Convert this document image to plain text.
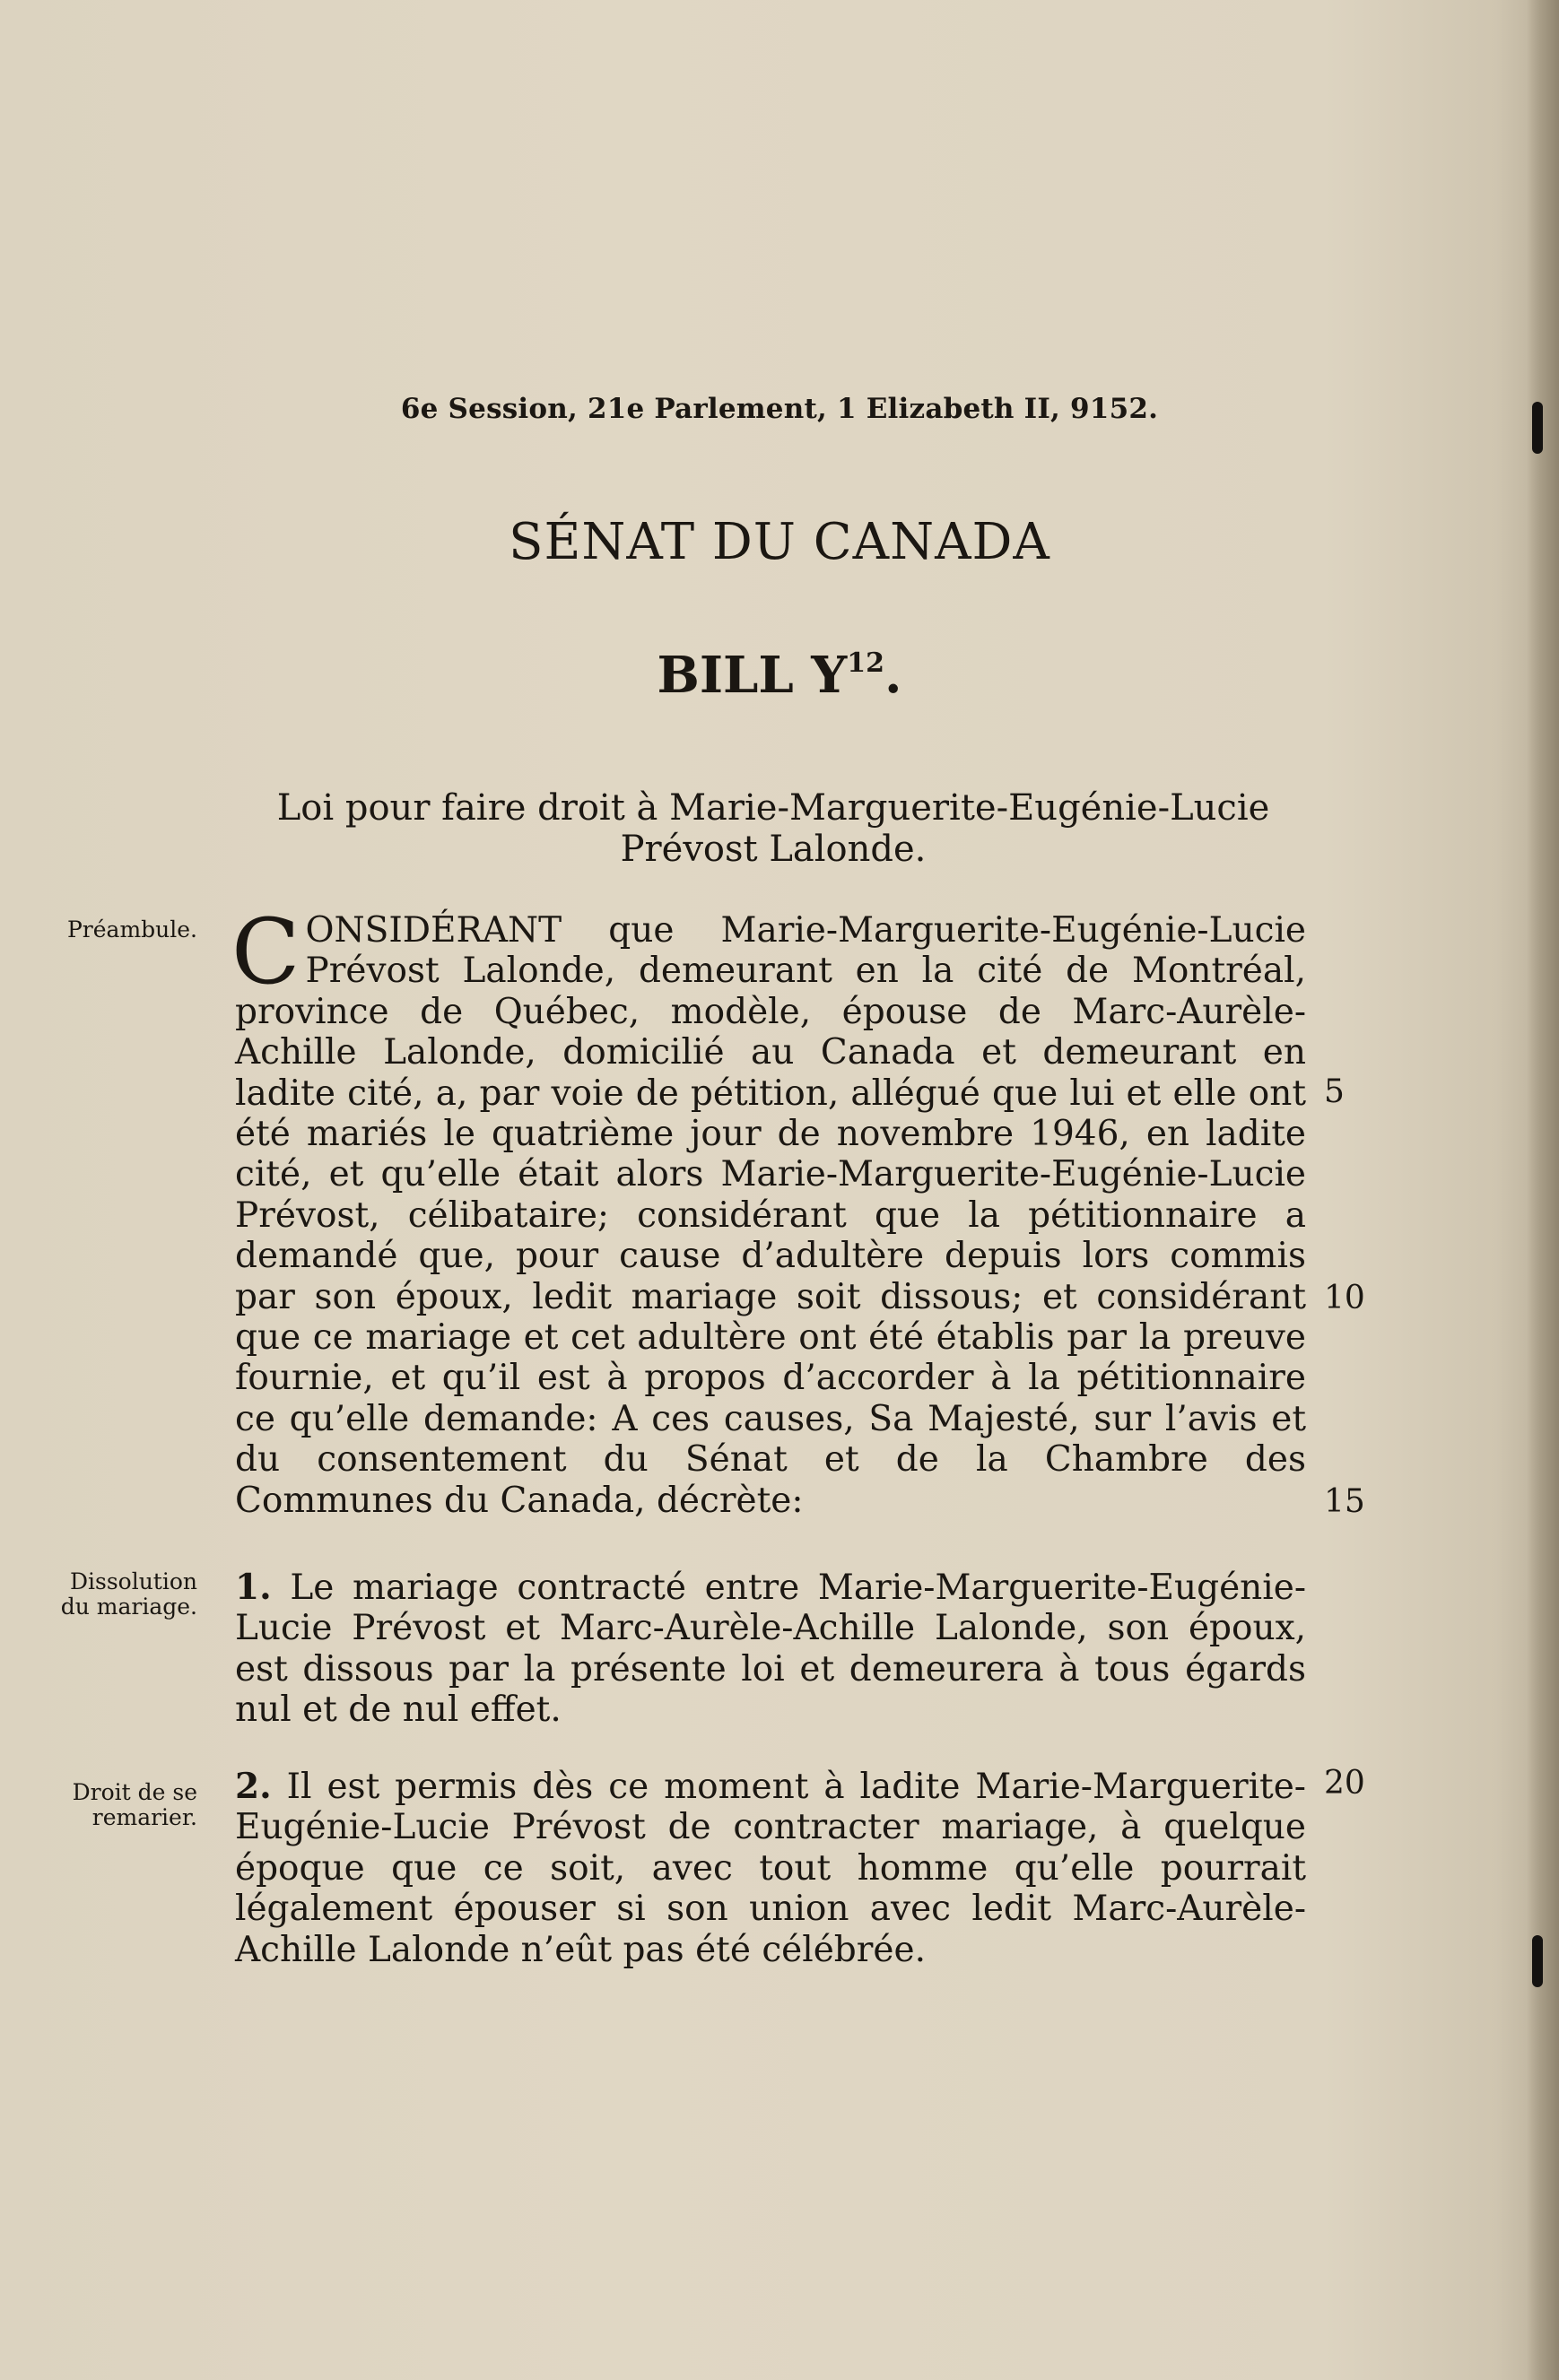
6e Session, 21e Parlement, 1 Elizabeth II, 9152.
SÉNAT DU CANADA
BILL $Y^{12}$.
Loi pour faire droit à Marie-Marguerite-Eugénie-Lucie Prévost Lalonde.
Préambule.
Dissolution du mariage.
Droit de se remarier.
CONSIDÉRANT que Marie-Marguerite-Eugénie-Lucie Prévost Lalonde, demeurant en la cité de Montréal, province de Québec, modèle, épouse de Marc-Aurèle-Achille Lalonde, domicilié au Canada et demeurant en ladite cité, a, par voie de pétition, allégué que lui et elle ont été mariés le quatrième jour de novembre 1946, en ladite cité, et qu’elle était alors Marie-Marguerite-Eugénie-Lucie Prévost, célibataire; considérant que la pétitionnaire a demandé que, pour cause d’adultère depuis lors commis par son époux, ledit mariage soit dissous; et considérant que ce mariage et cet adultère ont été établis par la preuve fournie, et qu’il est à propos d’accorder à la pétitionnaire ce qu’elle demande: A ces causes, Sa Majesté, sur l’avis et du consentement du Sénat et de la Chambre des Communes du Canada, décrète:
1. Le mariage contracté entre Marie-Marguerite-Eugénie-Lucie Prévost et Marc-Aurèle-Achille Lalonde, son époux, est dissous par la présente loi et demeurera à tous égards nul et de nul effet.
2. Il est permis dès ce moment à ladite Marie-Marguerite-Eugénie-Lucie Prévost de contracter mariage, à quelque époque que ce soit, avec tout homme qu’elle pourrait légalement épouser si son union avec ledit Marc-Aurèle-Achille Lalonde n’eût pas été célébrée.
5
10
15
20
